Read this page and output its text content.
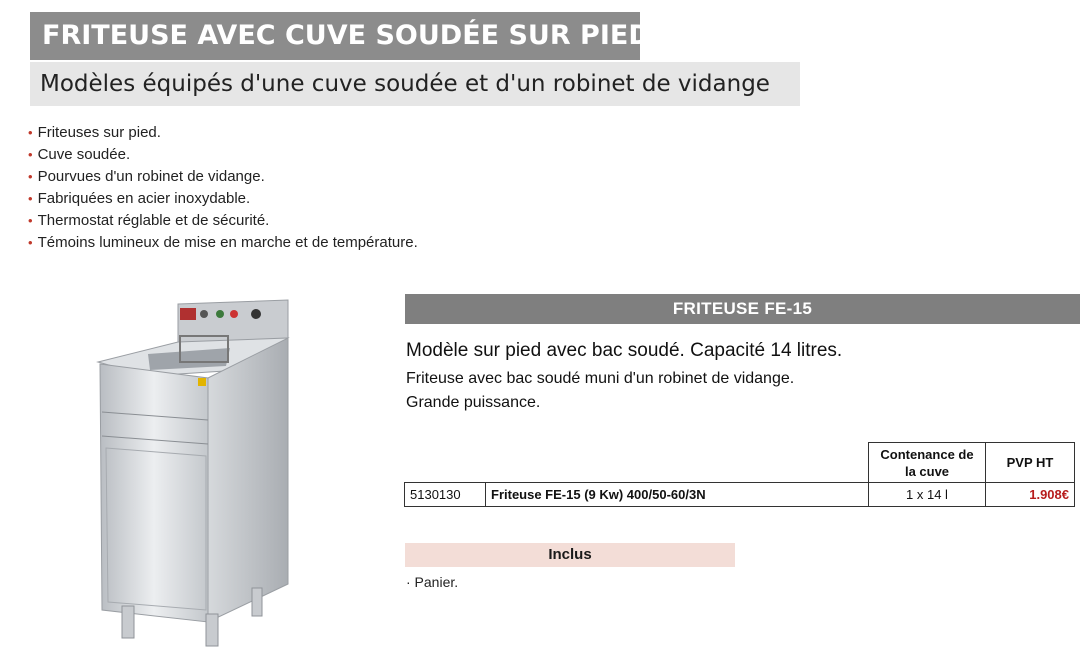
FRITEUSE AVEC CUVE SOUDÉE SUR PIED
Modèles équipés d'une cuve soudée et d'un robinet de vidange
• Friteuses sur pied.
• Cuve soudée.
• Pourvues d'un robinet de vidange.
• Fabriquées en acier inoxydable.
• Thermostat réglable et de sécurité.
• Témoins lumineux de mise en marche et de température.
FRITEUSE FE-15
Modèle sur pied avec bac soudé. Capacité 14 litres.
Friteuse avec bac soudé muni d'un robinet de vidange.
Grande puissance.
		Contenance de la cuve	PVP HT
5130130	Friteuse FE-15 (9 Kw) 400/50-60/3N	1 x 14 l	1.908€
Inclus
· Panier.
